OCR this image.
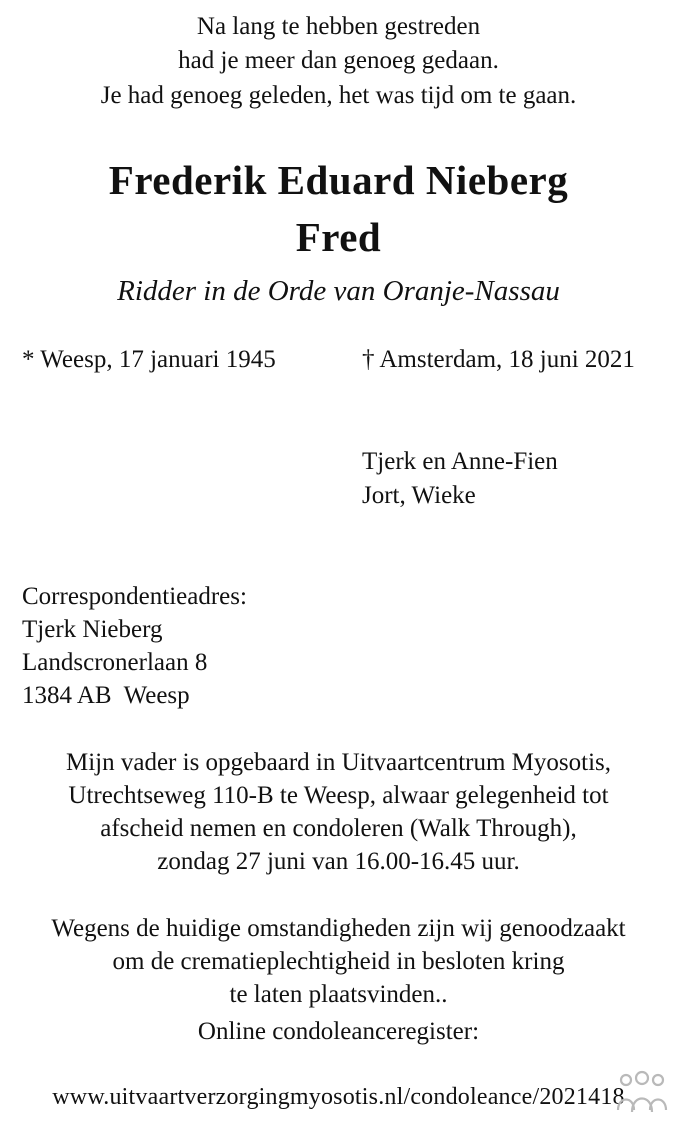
Na lang te hebben gestreden
had je meer dan genoeg gedaan.
Je had genoeg geleden, het was tijd om te gaan.
Frederik Eduard Nieberg
Fred
Ridder in de Orde van Oranje-Nassau
* Weesp, 17 januari 1945	† Amsterdam, 18 juni 2021
Tjerk en Anne-Fien
Jort, Wieke
Correspondentieadres:
Tjerk Nieberg
Landscronerlaan 8
1384 AB  Weesp
Mijn vader is opgebaard in Uitvaartcentrum Myosotis,
Utrechtseweg 110-B te Weesp, alwaar gelegenheid tot
afscheid nemen en condoleren (Walk Through),
zondag 27 juni van 16.00-16.45 uur.
Wegens de huidige omstandigheden zijn wij genoodzaakt
om de crematieplechtigheid in besloten kring
te laten plaatsvinden..
Online condoleanceregister:
www.uitvaartverzorgingmyosotis.nl/condoleance/2021418
